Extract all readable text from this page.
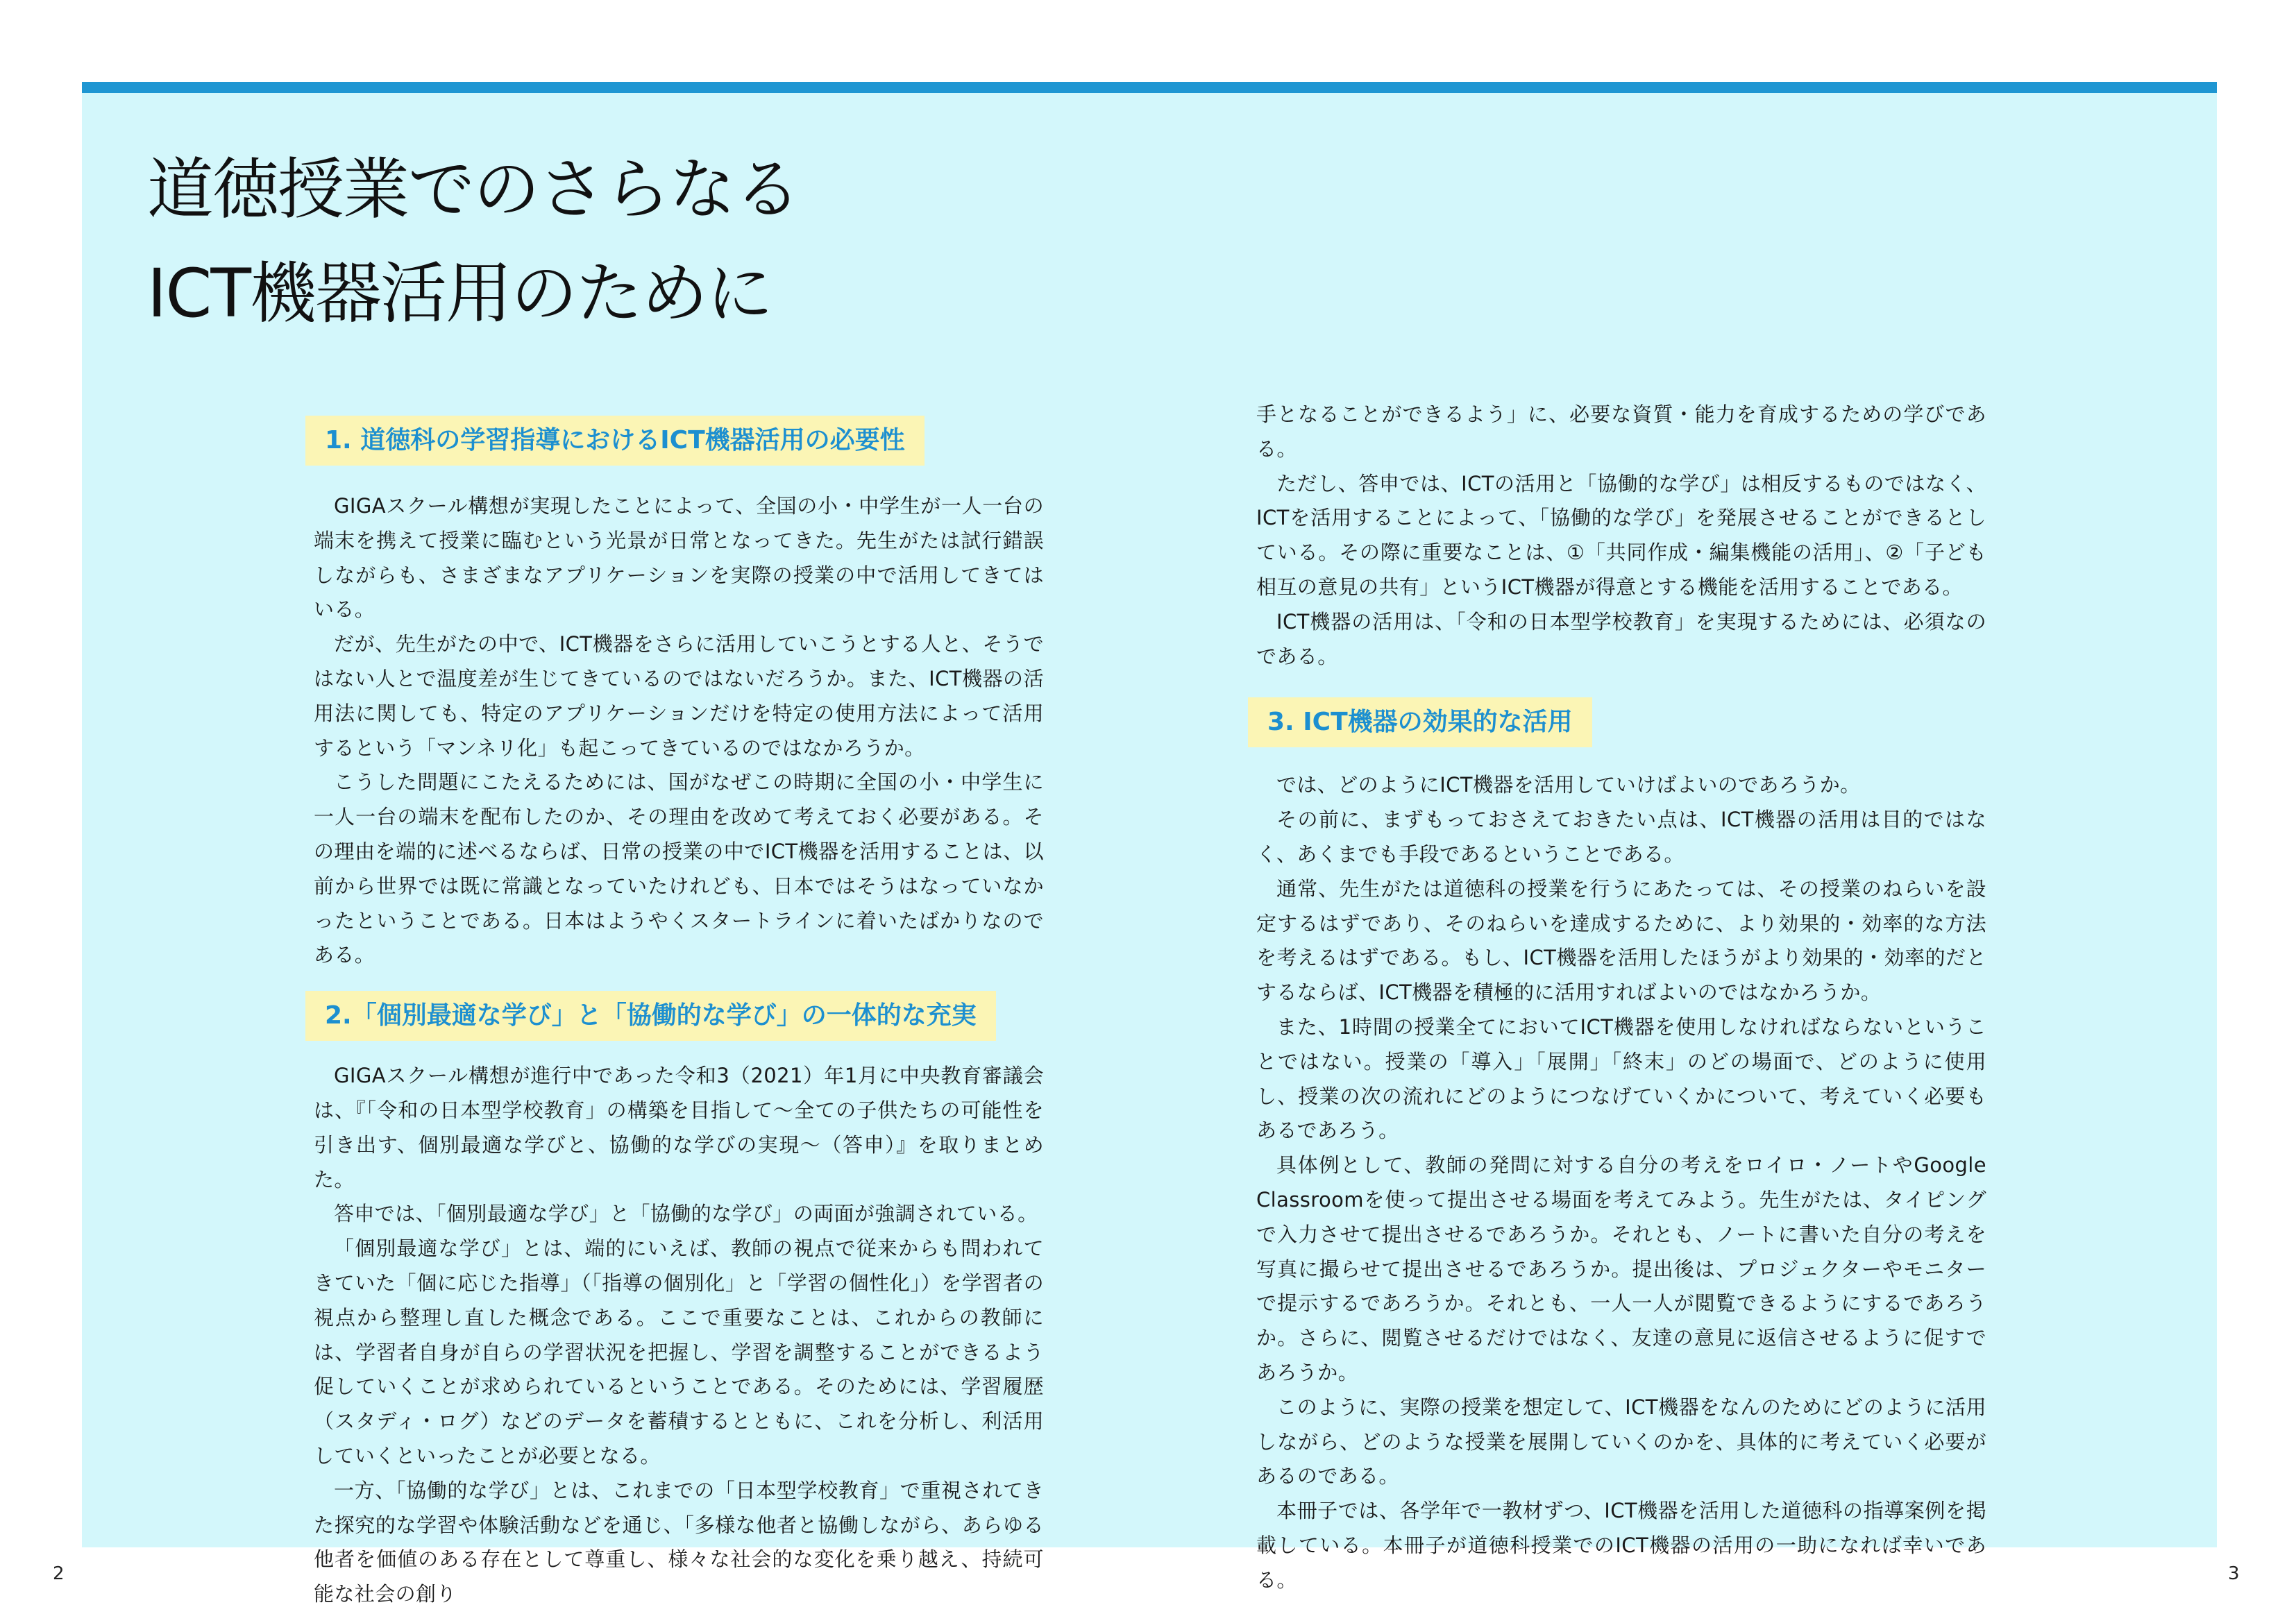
道徳授業でのさらなる
ICT機器活用のために
1. 道徳科の学習指導におけるICT機器活用の必要性

GIGAスクール構想が実現したことによって、全国の小・中学生が一人一台の端末を携えて授業に臨むという光景が日常となってきた。先生がたは試行錯誤しながらも、さまざまなアプリケーションを実際の授業の中で活用してきてはいる。

だが、先生がたの中で、ICT機器をさらに活用していこうとする人と、そうではない人とで温度差が生じてきているのではないだろうか。また、ICT機器の活用法に関しても、特定のアプリケーションだけを特定の使用方法によって活用するという「マンネリ化」も起こってきているのではなかろうか。

こうした問題にこたえるためには、国がなぜこの時期に全国の小・中学生に一人一台の端末を配布したのか、その理由を改めて考えておく必要がある。その理由を端的に述べるならば、日常の授業の中でICT機器を活用することは、以前から世界では既に常識となっていたけれども、日本ではそうはなっていなかったということである。日本はようやくスタートラインに着いたばかりなのである。

2.「個別最適な学び」と「協働的な学び」の一体的な充実

GIGAスクール構想が進行中であった令和3（2021）年1月に中央教育審議会は、『「令和の日本型学校教育」の構築を目指して～全ての子供たちの可能性を引き出す、個別最適な学びと、協働的な学びの実現～（答申）』を取りまとめた。

答申では、「個別最適な学び」と「協働的な学び」の両面が強調されている。

「個別最適な学び」とは、端的にいえば、教師の視点で従来からも問われてきていた「個に応じた指導」（「指導の個別化」と「学習の個性化」）を学習者の視点から整理し直した概念である。ここで重要なことは、これからの教師には、学習者自身が自らの学習状況を把握し、学習を調整することができるよう促していくことが求められているということである。そのためには、学習履歴（スタディ・ログ）などのデータを蓄積するとともに、これを分析し、利活用していくといったことが必要となる。

一方、「協働的な学び」とは、これまでの「日本型学校教育」で重視されてきた探究的な学習や体験活動などを通じ、「多様な他者と協働しながら、あらゆる他者を価値のある存在として尊重し、様々な社会的な変化を乗り越え、持続可能な社会の創り

手となることができるよう」に、必要な資質・能力を育成するための学びである。

ただし、答申では、ICTの活用と「協働的な学び」は相反するものではなく、ICTを活用することによって、「協働的な学び」を発展させることができるとしている。その際に重要なことは、①「共同作成・編集機能の活用」、②「子ども相互の意見の共有」というICT機器が得意とする機能を活用することである。

ICT機器の活用は、「令和の日本型学校教育」を実現するためには、必須なのである。

3. ICT機器の効果的な活用

では、どのようにICT機器を活用していけばよいのであろうか。

その前に、まずもっておさえておきたい点は、ICT機器の活用は目的ではなく、あくまでも手段であるということである。

通常、先生がたは道徳科の授業を行うにあたっては、その授業のねらいを設定するはずであり、そのねらいを達成するために、より効果的・効率的な方法を考えるはずである。もし、ICT機器を活用したほうがより効果的・効率的だとするならば、ICT機器を積極的に活用すればよいのではなかろうか。

また、1時間の授業全てにおいてICT機器を使用しなければならないということではない。授業の「導入」「展開」「終末」のどの場面で、どのように使用し、授業の次の流れにどのようにつなげていくかについて、考えていく必要もあるであろう。

具体例として、教師の発問に対する自分の考えをロイロ・ノートやGoogle Classroomを使って提出させる場面を考えてみよう。先生がたは、タイピングで入力させて提出させるであろうか。それとも、ノートに書いた自分の考えを写真に撮らせて提出させるであろうか。提出後は、プロジェクターやモニターで提示するであろうか。それとも、一人一人が閲覧できるようにするであろうか。さらに、閲覧させるだけではなく、友達の意見に返信させるように促すであろうか。

このように、実際の授業を想定して、ICT機器をなんのためにどのように活用しながら、どのような授業を展開していくのかを、具体的に考えていく必要があるのである。

本冊子では、各学年で一教材ずつ、ICT機器を活用した道徳科の指導案例を掲載している。本冊子が道徳科授業でのICT機器の活用の一助になれば幸いである。

2	3
